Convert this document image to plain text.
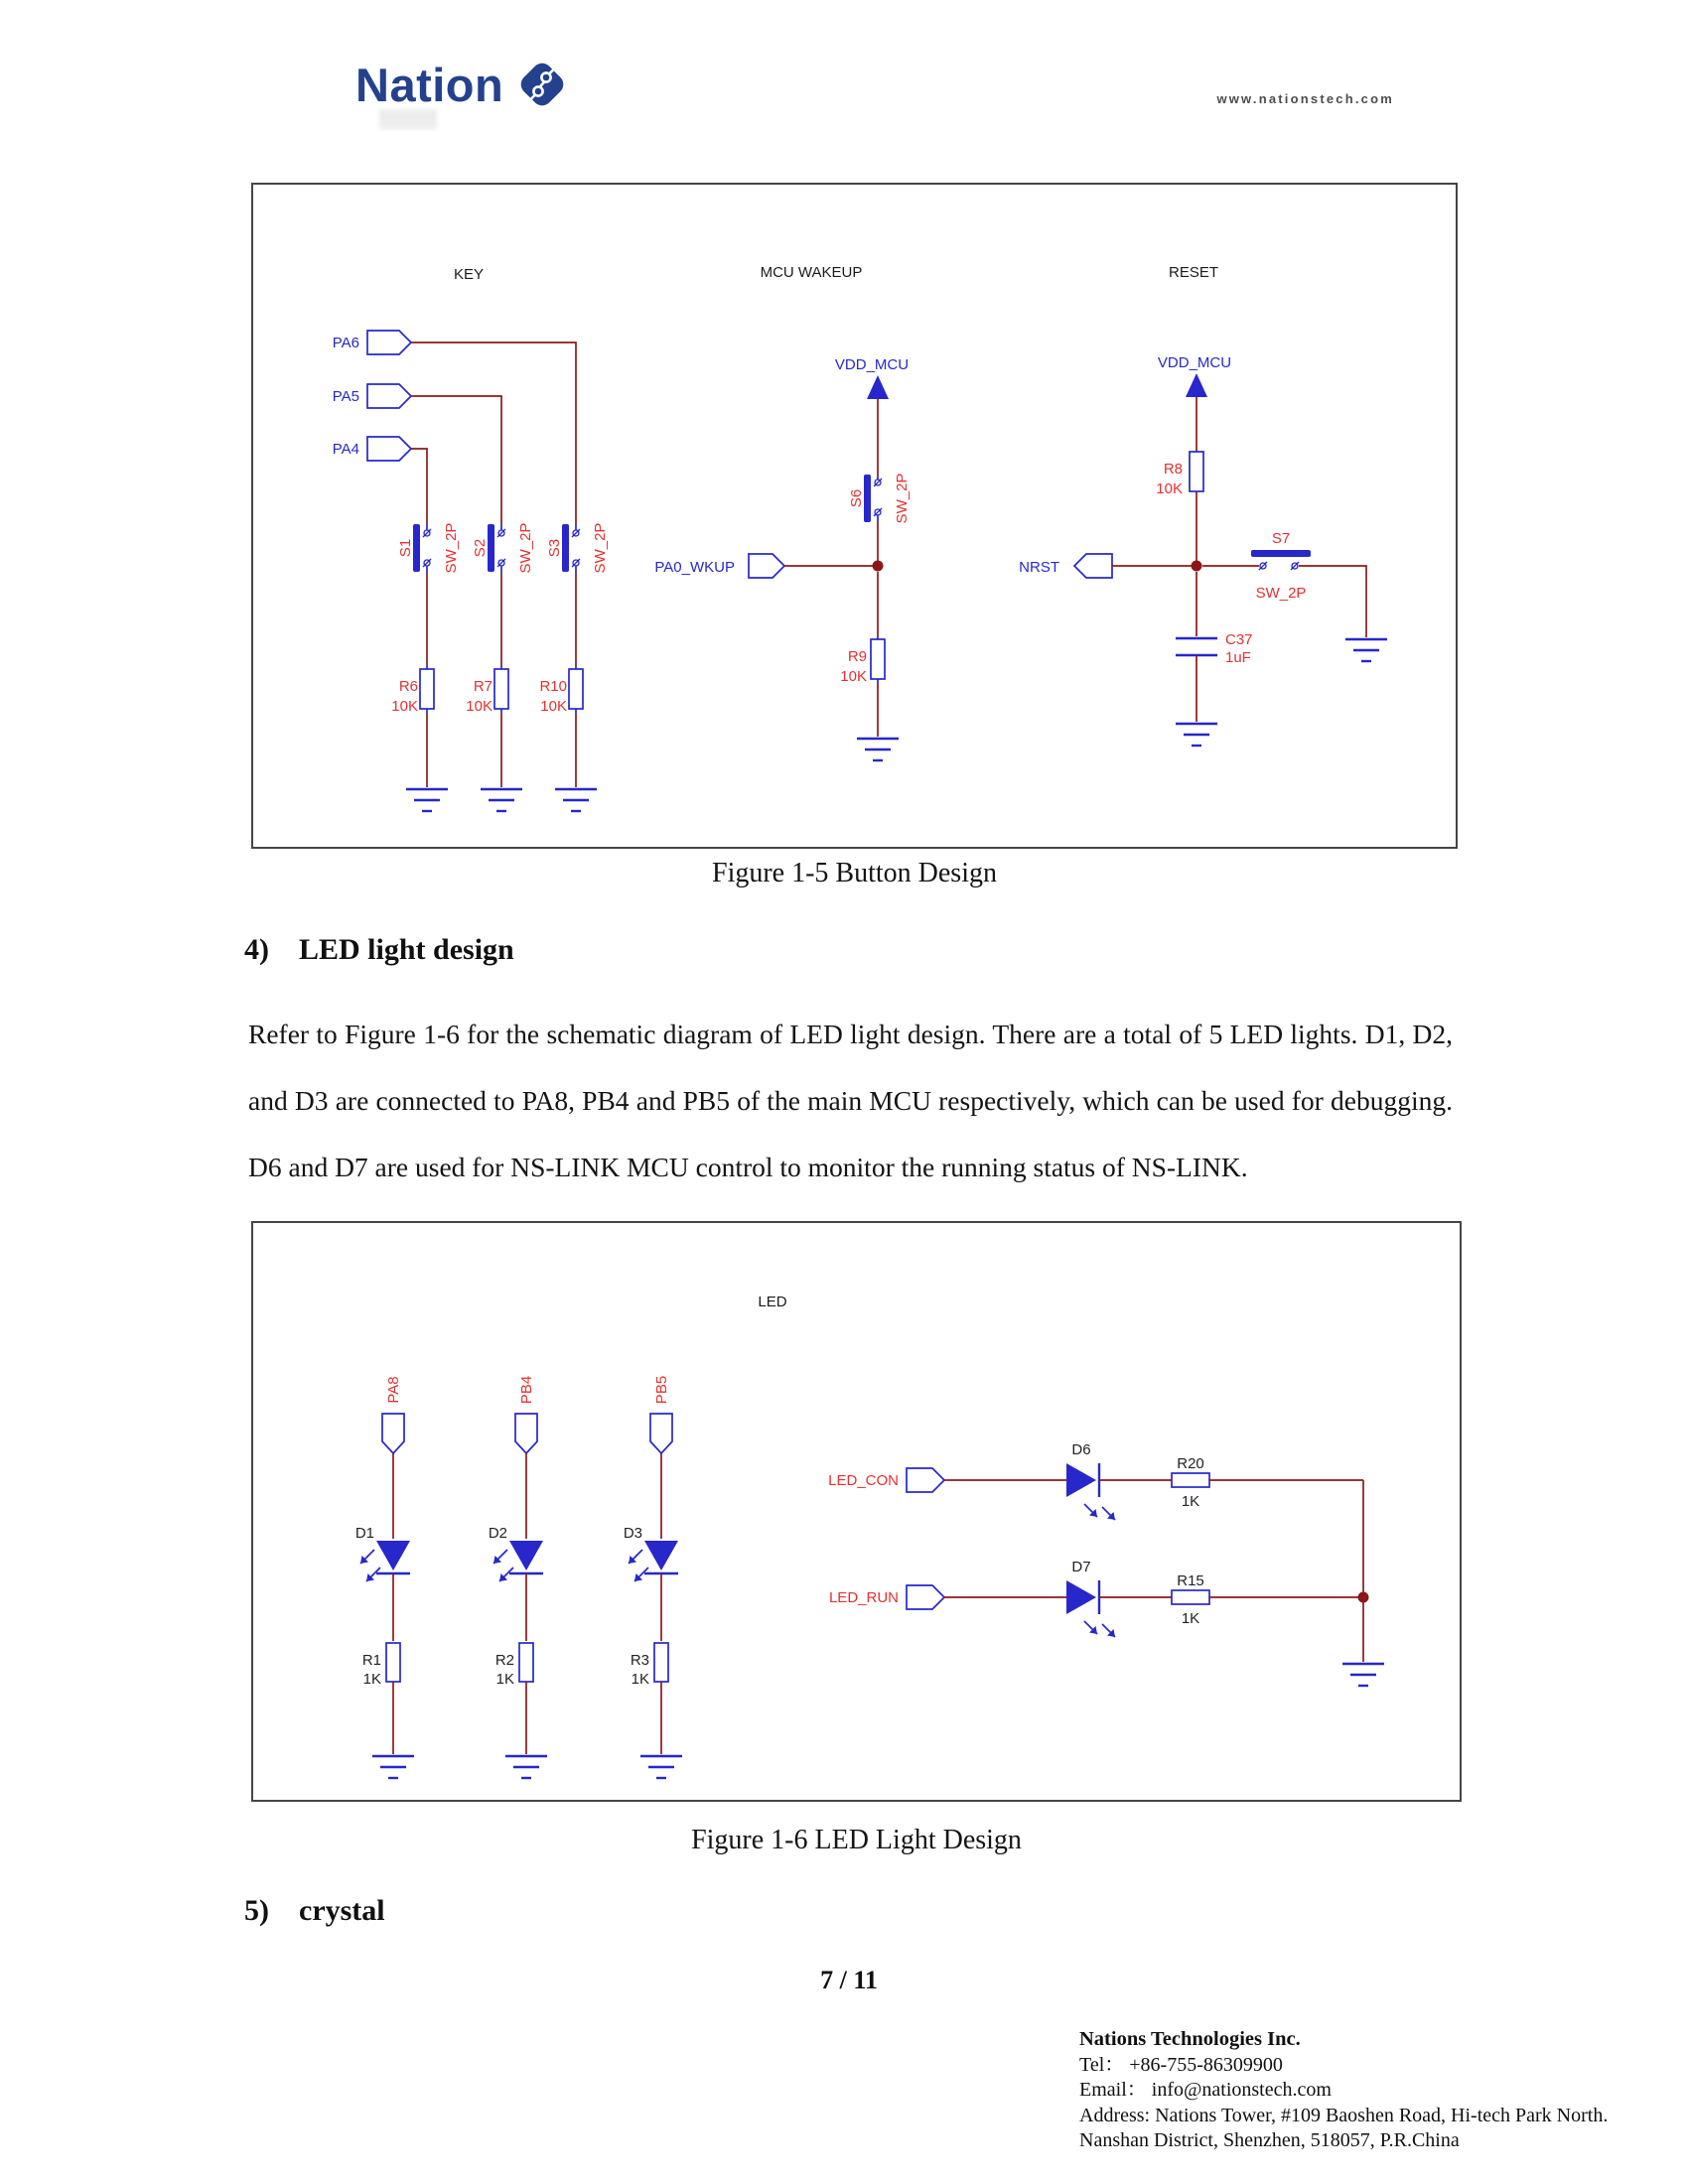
Nation	www.nationstech.com
KEY	MCU WAKEUP	RESET
PA6
PA5
PA4
S1 SW_2P S2 SW_2P S3 SW_2P
R6
10K
R7
10K
R10
10K
VDD_MCU
S6 SW_2P
PA0_WKUP
R9
10K
VDD_MCU
R8
10K
NRST
S7
SW_2P
C37
1uF
Figure 1-5 Button Design
4) LED light design
Refer to Figure 1-6 for the schematic diagram of LED light design. There are a total of 5 LED lights. D1, D2, and D3 are connected to PA8, PB4 and PB5 of the main MCU respectively, which can be used for debugging. D6 and D7 are used for NS-LINK MCU control to monitor the running status of NS-LINK.
LED
PA8
D1
R1
1K
PB4
D2
R2
1K
PB5
D3
R3
1K
LED_CON
D6
R20
1K
LED_RUN
D7
R15
1K
Figure 1-6 LED Light Design
5) crystal
7 / 11
Nations Technologies Inc.
Tel： +86-755-86309900
Email： info@nationstech.com
Address: Nations Tower, #109 Baoshen Road, Hi-tech Park North.
Nanshan District, Shenzhen, 518057, P.R.China
